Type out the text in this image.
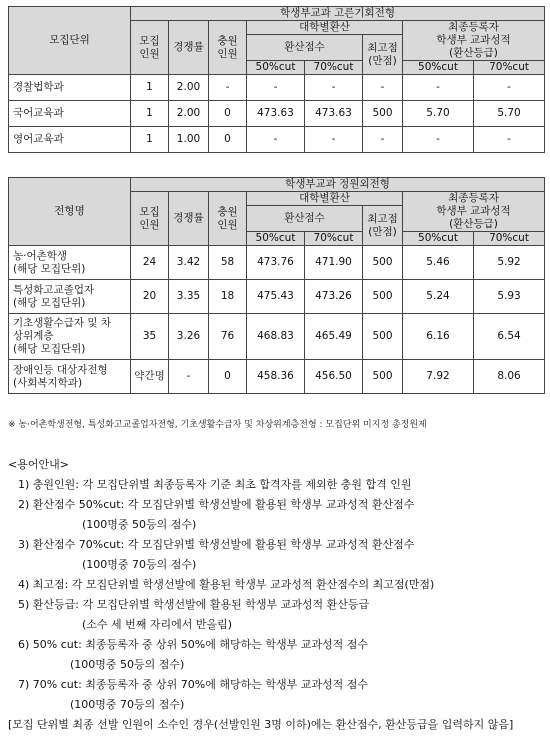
모집단위	학생부교과 고른기회전형							
	모집
인원	경쟁률	충원
인원	대학별환산			최종등록자
학생부 교과성적
(환산등급)	
				환산점수		최고점
(만점)		
				50%cut	70%cut		50%cut	70%cut
경찰법학과	1	2.00	-	-	-	-	-	-
국어교육과	1	2.00	0	473.63	473.63	500	5.70	5.70
영어교육과	1	1.00	0	-	-	-	-	-
전형명	학생부교과 정원외전형							
	모집
인원	경쟁률	충원
인원	대학별환산			최종등록자
학생부 교과성적
(환산등급)	
				환산점수		최고점
(만점)		
				50%cut	70%cut		50%cut	70%cut
농·어촌학생
(해당 모집단위)	24	3.42	58	473.76	471.90	500	5.46	5.92
특성화고교졸업자
(해당 모집단위)	20	3.35	18	475.43	473.26	500	5.24	5.93
기초생활수급자 및 차
상위계층
(해당 모집단위)	35	3.26	76	468.83	465.49	500	6.16	6.54
장애인등 대상자전형
(사회복지학과)	약간명	-	0	458.36	456.50	500	7.92	8.06
※ 농·어촌학생전형, 특성화고교졸업자전형, 기초생활수급자 및 차상위계층전형 : 모집단위 미지정 총정원제
<용어안내>
1) 충원인원: 각 모집단위별 최종등록자 기준 최초 합격자를 제외한 충원 합격 인원
2) 환산점수 50%cut: 각 모집단위별 학생선발에 활용된 학생부 교과성적 환산점수
(100명중 50등의 점수)
3) 환산점수 70%cut: 각 모집단위별 학생선발에 활용된 학생부 교과성적 환산점수
(100명중 70등의 점수)
4) 최고점: 각 모집단위별 학생선발에 활용된 학생부 교과성적 환산점수의 최고점(만점)
5) 환산등급: 각 모집단위별 학생선발에 활용된 학생부 교과성적 환산등급
(소수 세 번째 자리에서 반올림)
6) 50% cut: 최종등록자 중 상위 50%에 해당하는 학생부 교과성적 점수
(100명중 50등의 점수)
7) 70% cut: 최종등록자 중 상위 70%에 해당하는 학생부 교과성적 점수
(100명중 70등의 점수)
[모집 단위별 최종 선발 인원이 소수인 경우(선발인원 3명 이하)에는 환산점수, 환산등급을 입력하지 않음]
